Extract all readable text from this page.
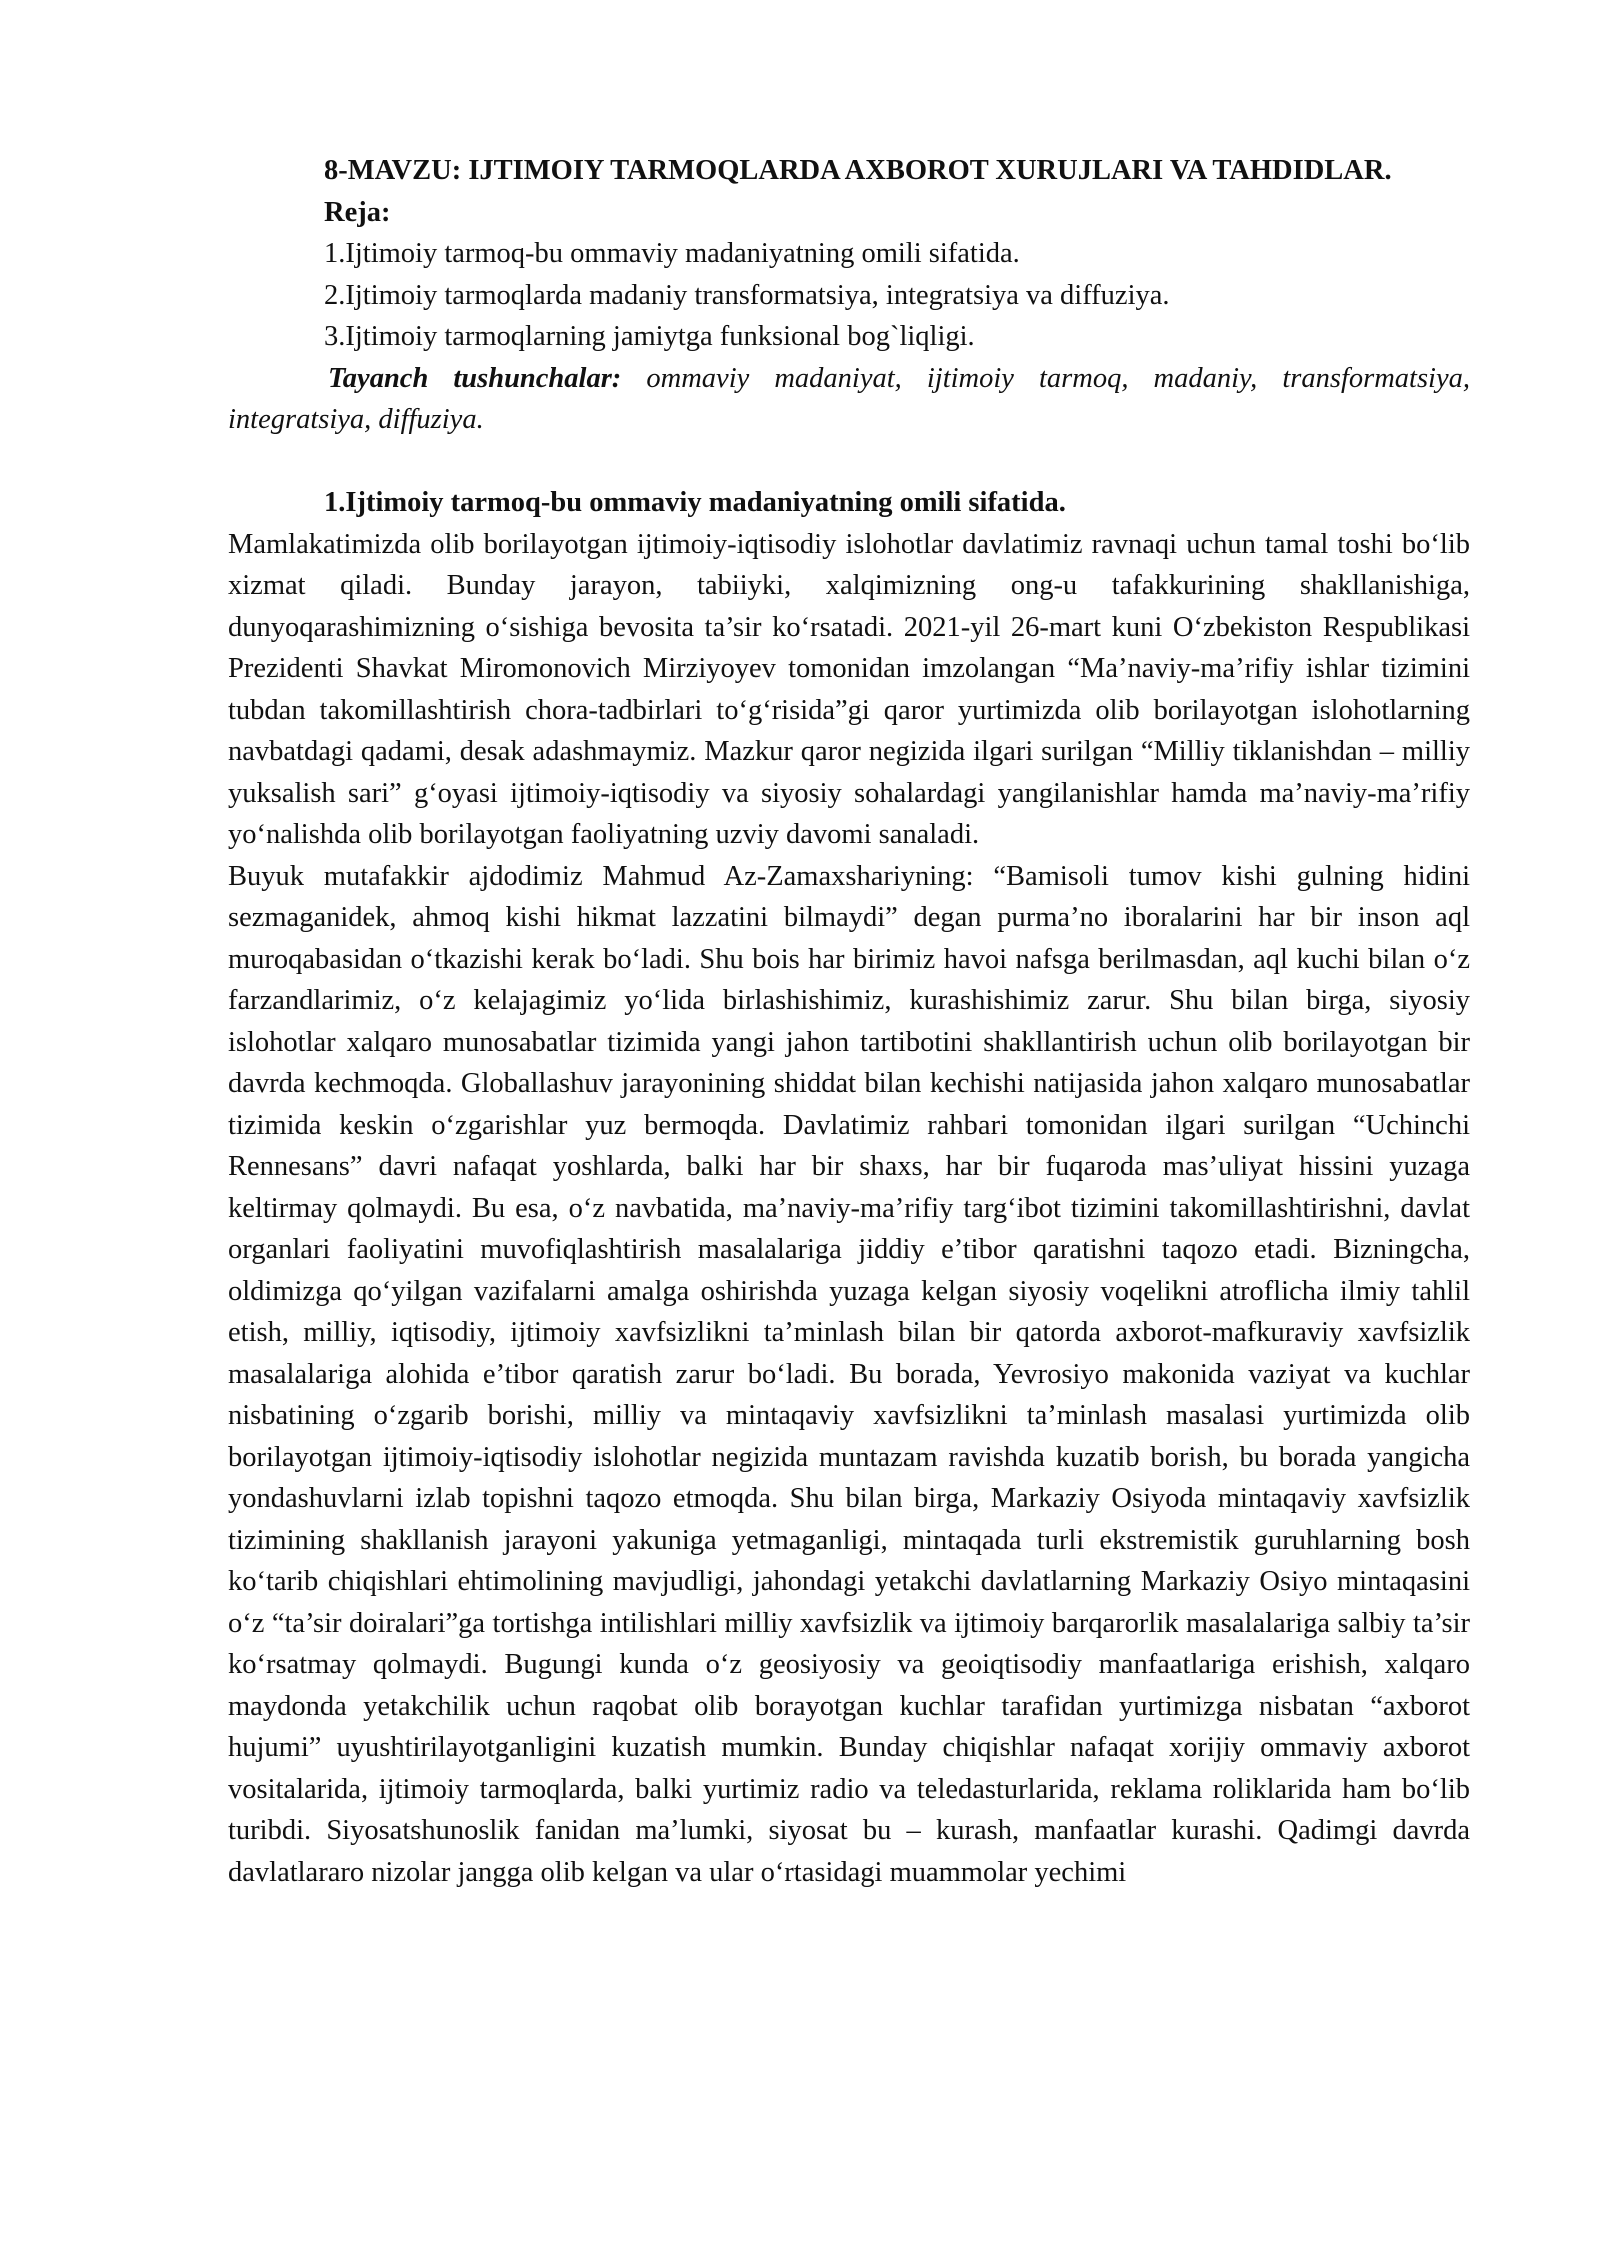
8-MAVZU: IJTIMOIY TARMOQLARDA AXBOROT XURUJLARI VA TAHDIDLAR.

Reja:

1.Ijtimoiy tarmoq-bu ommaviy madaniyatning omili sifatida.

2.Ijtimoiy tarmoqlarda madaniy transformatsiya, integratsiya va diffuziya.

3.Ijtimoiy tarmoqlarning jamiytga funksional bog`liqligi.

Tayanch tushunchalar: ommaviy madaniyat, ijtimoiy tarmoq, madaniy, transformatsiya, integratsiya, diffuziya.

1.Ijtimoiy tarmoq-bu ommaviy madaniyatning omili sifatida.

Mamlakatimizda olib borilayotgan ijtimoiy-iqtisodiy islohotlar davlatimiz ravnaqi uchun tamal toshi bo‘lib xizmat qiladi. Bunday jarayon, tabiiyki, xalqimizning ong-u tafakkurining shakllanishiga, dunyoqarashimizning o‘sishiga bevosita ta’sir ko‘rsatadi. 2021-yil 26-mart kuni O‘zbekiston Respublikasi Prezidenti Shavkat Miromonovich Mirziyoyev tomonidan imzolangan “Ma’naviy-ma’rifiy ishlar tizimini tubdan takomillashtirish chora-tadbirlari to‘g‘risida”gi qaror yurtimizda olib borilayotgan islohotlarning navbatdagi qadami, desak adashmaymiz. Mazkur qaror negizida ilgari surilgan “Milliy tiklanishdan – milliy yuksalish sari” g‘oyasi ijtimoiy-iqtisodiy va siyosiy sohalardagi yangilanishlar hamda ma’naviy-ma’rifiy yo‘nalishda olib borilayotgan faoliyatning uzviy davomi sanaladi.

Buyuk mutafakkir ajdodimiz Mahmud Az-Zamaxshariyning: “Bamisoli tumov kishi gulning hidini sezmaganidek, ahmoq kishi hikmat lazzatini bilmaydi” degan purma’no iboralarini har bir inson aql muroqabasidan o‘tkazishi kerak bo‘ladi. Shu bois har birimiz havoi nafsga berilmasdan, aql kuchi bilan o‘z farzandlarimiz, o‘z kelajagimiz yo‘lida birlashishimiz, kurashishimiz zarur. Shu bilan birga, siyosiy islohotlar xalqaro munosabatlar tizimida yangi jahon tartibotini shakllantirish uchun olib borilayotgan bir davrda kechmoqda. Globallashuv jarayonining shiddat bilan kechishi natijasida jahon xalqaro munosabatlar tizimida keskin o‘zgarishlar yuz bermoqda. Davlatimiz rahbari tomonidan ilgari surilgan “Uchinchi Rennesans” davri nafaqat yoshlarda, balki har bir shaxs, har bir fuqaroda mas’uliyat hissini yuzaga keltirmay qolmaydi. Bu esa, o‘z navbatida, ma’naviy-ma’rifiy targ‘ibot tizimini takomillashtirishni, davlat organlari faoliyatini muvofiqlashtirish masalalariga jiddiy e’tibor qaratishni taqozo etadi. Bizningcha, oldimizga qo‘yilgan vazifalarni amalga oshirishda yuzaga kelgan siyosiy voqelikni atroflicha ilmiy tahlil etish, milliy, iqtisodiy, ijtimoiy xavfsizlikni ta’minlash bilan bir qatorda axborot-mafkuraviy xavfsizlik masalalariga alohida e’tibor qaratish zarur bo‘ladi. Bu borada, Yevrosiyo makonida vaziyat va kuchlar nisbatining o‘zgarib borishi, milliy va mintaqaviy xavfsizlikni ta’minlash masalasi yurtimizda olib borilayotgan ijtimoiy-iqtisodiy islohotlar negizida muntazam ravishda kuzatib borish, bu borada yangicha yondashuvlarni izlab topishni taqozo etmoqda. Shu bilan birga, Markaziy Osiyoda mintaqaviy xavfsizlik tizimining shakllanish jarayoni yakuniga yetmaganligi, mintaqada turli ekstremistik guruhlarning bosh ko‘tarib chiqishlari ehtimolining mavjudligi, jahondagi yetakchi davlatlarning Markaziy Osiyo mintaqasini o‘z “ta’sir doiralari”ga tortishga intilishlari milliy xavfsizlik va ijtimoiy barqarorlik masalalariga salbiy ta’sir ko‘rsatmay qolmaydi. Bugungi kunda o‘z geosiyosiy va geoiqtisodiy manfaatlariga erishish, xalqaro maydonda yetakchilik uchun raqobat olib borayotgan kuchlar tarafidan yurtimizga nisbatan “axborot hujumi” uyushtirilayotganligini kuzatish mumkin. Bunday chiqishlar nafaqat xorijiy ommaviy axborot vositalarida, ijtimoiy tarmoqlarda, balki yurtimiz radio va teledasturlarida, reklama roliklarida ham bo‘lib turibdi. Siyosatshunoslik fanidan ma’lumki, siyosat bu – kurash, manfaatlar kurashi. Qadimgi davrda davlatlararo nizolar jangga olib kelgan va ular o‘rtasidagi muammolar yechimi
